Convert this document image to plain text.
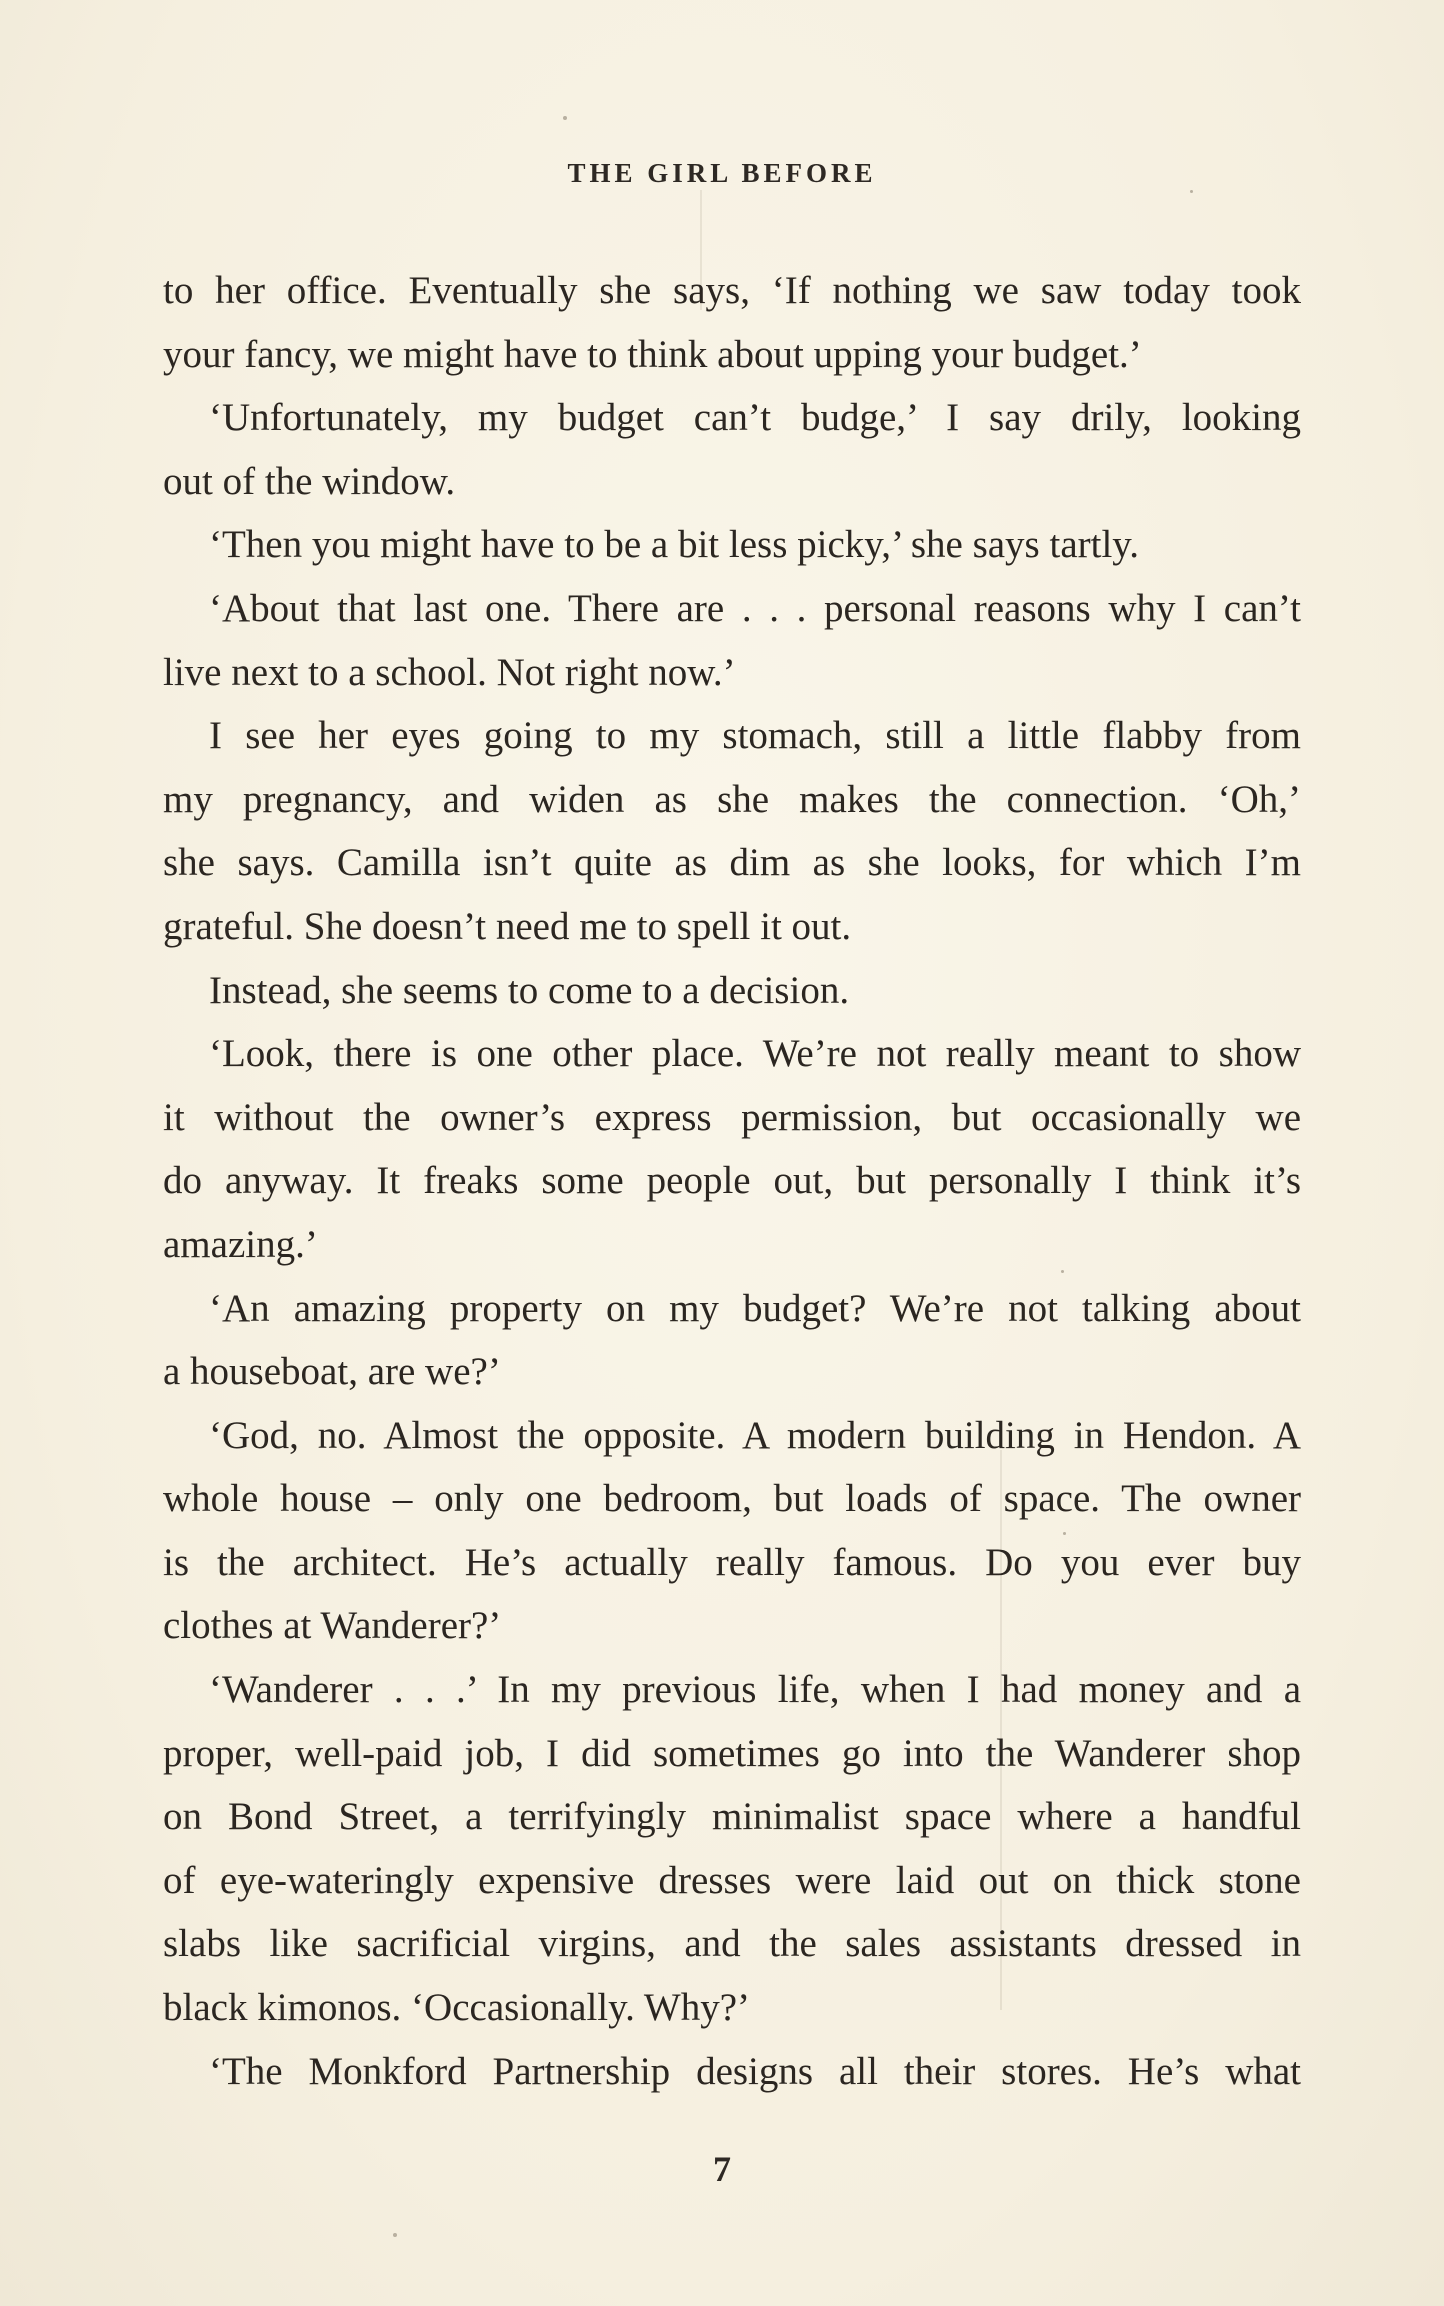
THE GIRL BEFORE
to her office. Eventually she says, ‘If nothing we saw today took
your fancy, we might have to think about upping your budget.’
‘Unfortunately, my budget can’t budge,’ I say drily, looking
out of the window.
‘Then you might have to be a bit less picky,’ she says tartly.
‘About that last one. There are . . . personal reasons why I can’t
live next to a school. Not right now.’
I see her eyes going to my stomach, still a little flabby from
my pregnancy, and widen as she makes the connection. ‘Oh,’
she says. Camilla isn’t quite as dim as she looks, for which I’m
grateful. She doesn’t need me to spell it out.
Instead, she seems to come to a decision.
‘Look, there is one other place. We’re not really meant to show
it without the owner’s express permission, but occasionally we
do anyway. It freaks some people out, but personally I think it’s
amazing.’
‘An amazing property on my budget? We’re not talking about
a houseboat, are we?’
‘God, no. Almost the opposite. A modern building in Hendon. A
whole house – only one bedroom, but loads of space. The owner
is the architect. He’s actually really famous. Do you ever buy
clothes at Wanderer?’
‘Wanderer . . .’ In my previous life, when I had money and a
proper, well-paid job, I did sometimes go into the Wanderer shop
on Bond Street, a terrifyingly minimalist space where a handful
of eye-wateringly expensive dresses were laid out on thick stone
slabs like sacrificial virgins, and the sales assistants dressed in
black kimonos. ‘Occasionally. Why?’
‘The Monkford Partnership designs all their stores. He’s what
7
